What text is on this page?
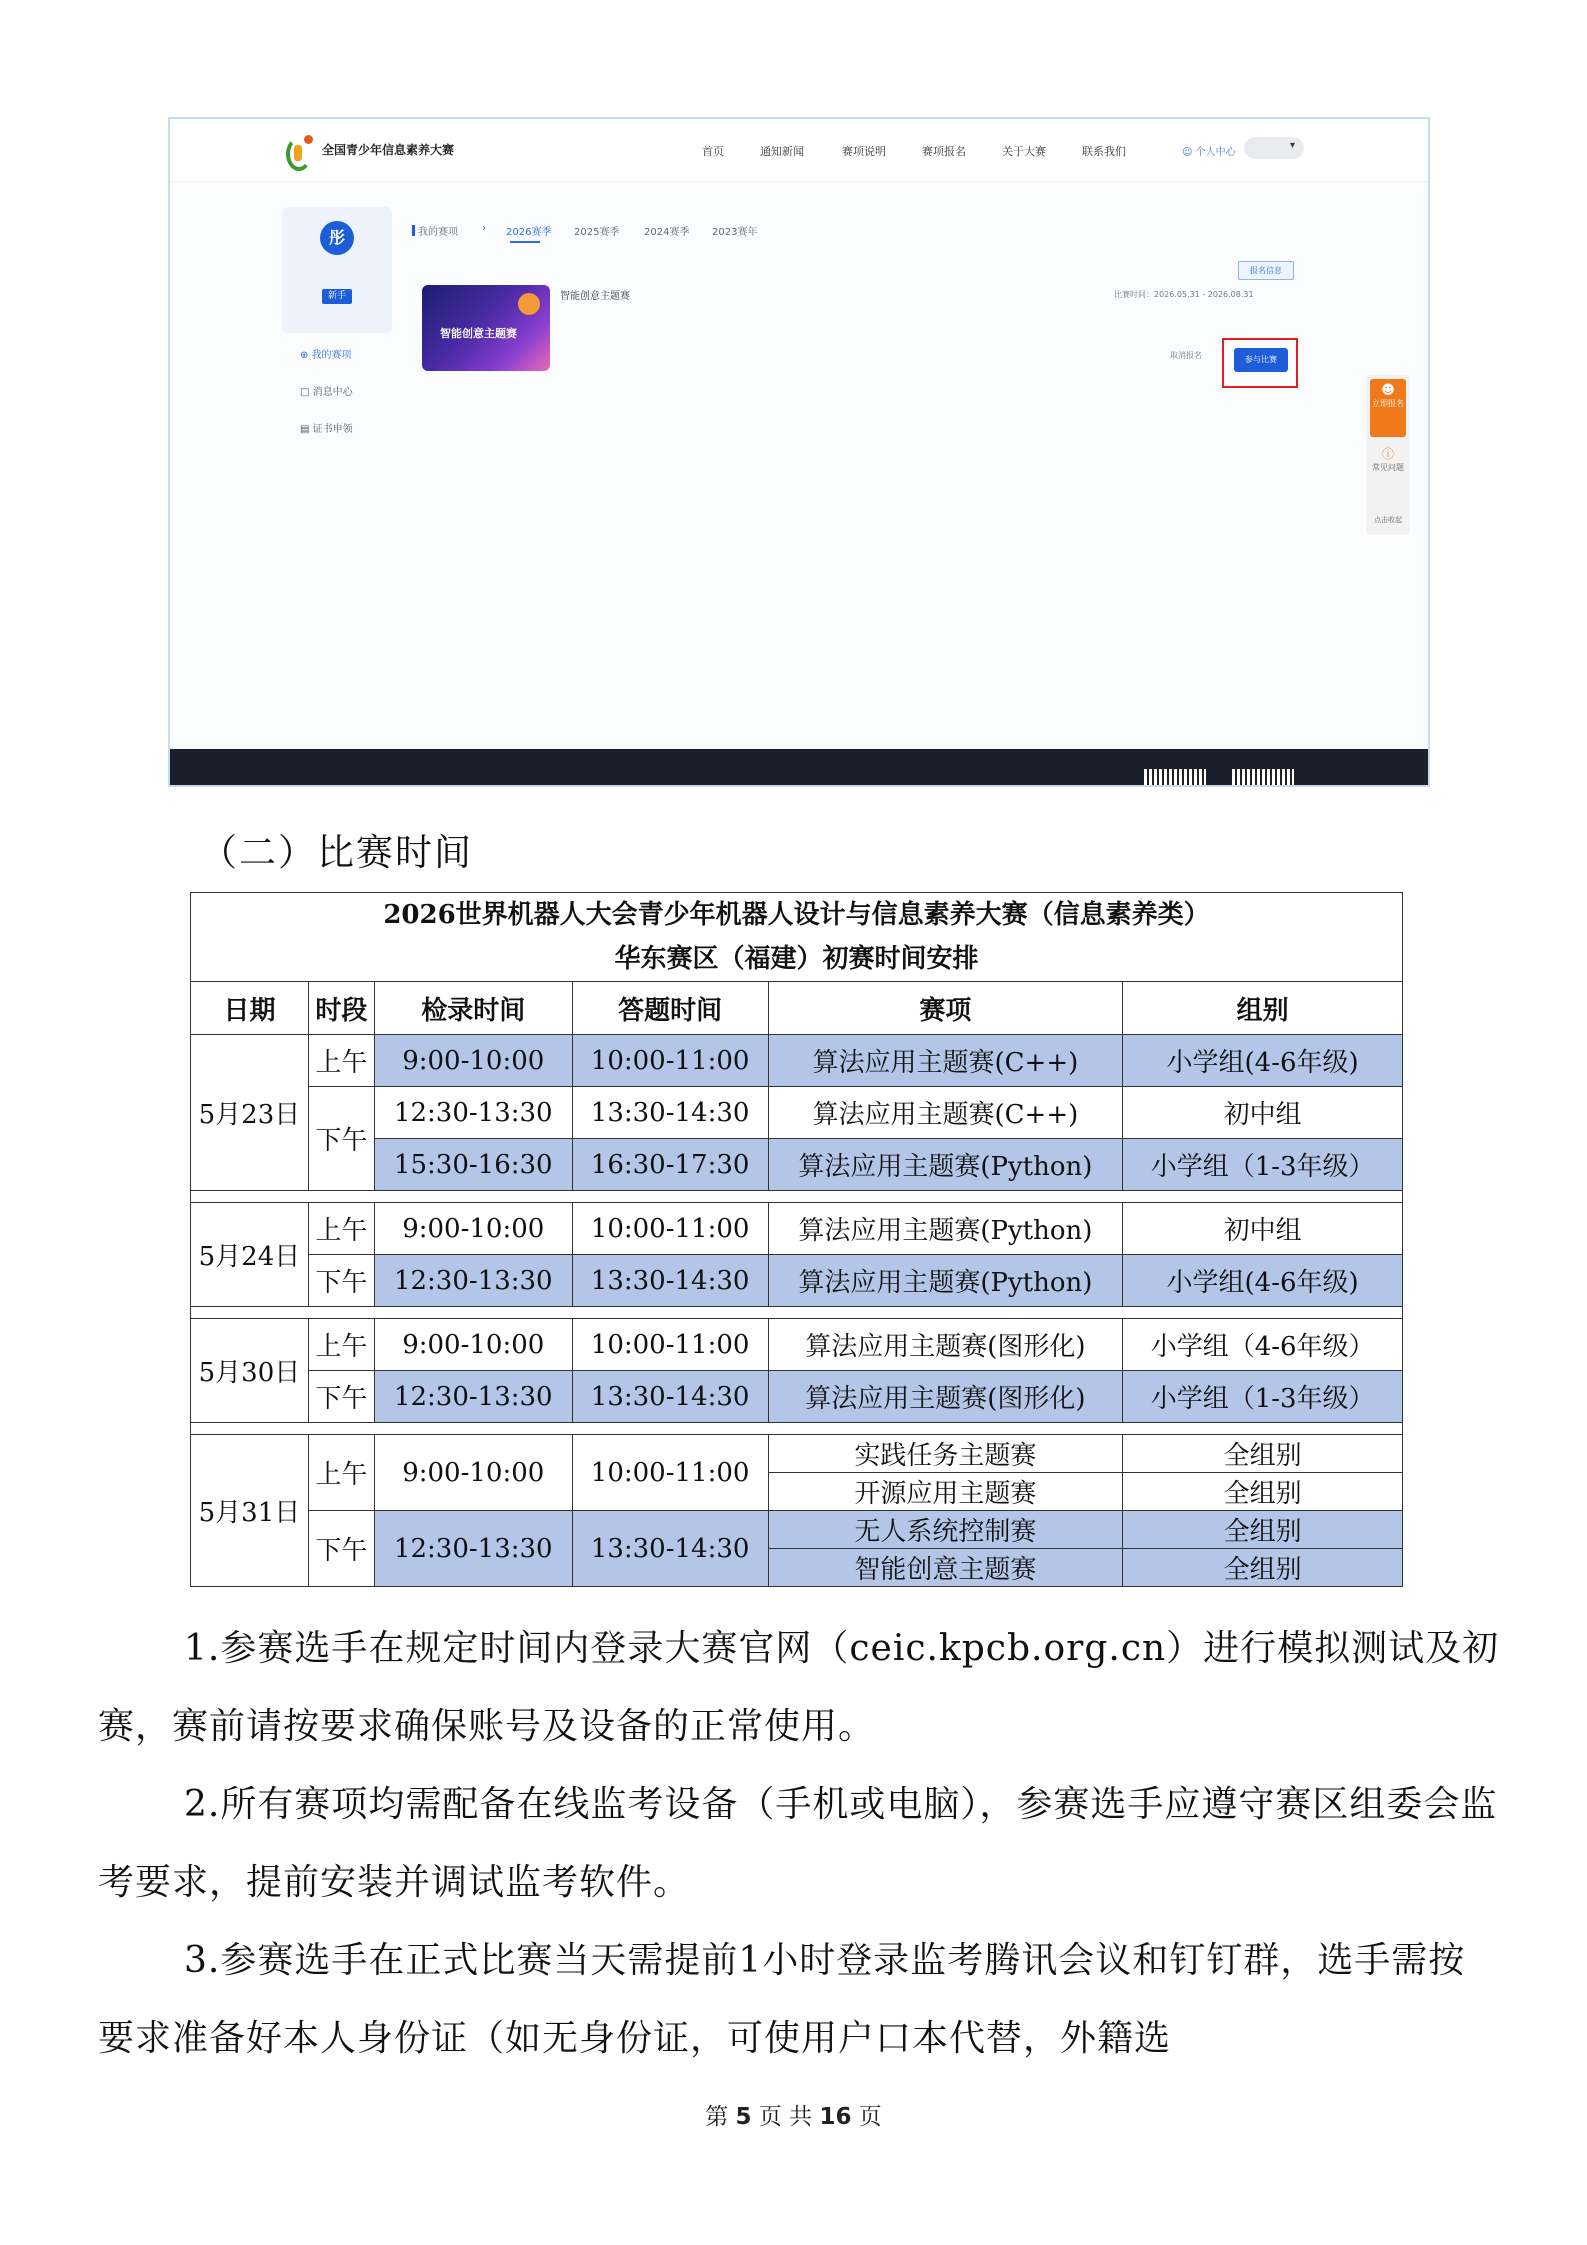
全国青少年信息素养大赛	首页	通知新闻	赛项说明	赛项报名	关于大赛	联系我们	☺ 个人中心
▾
彤
新手
⊕ 我的赛项
□ 消息中心
▤ 证书申领
我的赛项 › 2026赛季 2025赛季 2024赛季 2023赛年
智能创意主题赛
智能创意主题赛
报名信息
比赛时间：2026.05.31 - 2026.08.31
取消报名	参与比赛
☻
立即报名
ⓘ
常见问题
点击收起
（二）比赛时间
2026世界机器人大会青少年机器人设计与信息素养大赛（信息素养类）
华东赛区（福建）初赛时间安排					

日期	时段	检录时间	答题时间	赛项	组别
5月23日	上午	9:00-10:00	10:00-11:00	算法应用主题赛(C++)	小学组(4-6年级)
	下午	12:30-13:30	13:30-14:30	算法应用主题赛(C++)	初中组
		15:30-16:30	16:30-17:30	算法应用主题赛(Python)	小学组（1-3年级）

5月24日	上午	9:00-10:00	10:00-11:00	算法应用主题赛(Python)	初中组
	下午	12:30-13:30	13:30-14:30	算法应用主题赛(Python)	小学组(4-6年级)

5月30日	上午	9:00-10:00	10:00-11:00	算法应用主题赛(图形化)	小学组（4-6年级）
	下午	12:30-13:30	13:30-14:30	算法应用主题赛(图形化)	小学组（1-3年级）

5月31日	上午	9:00-10:00	10:00-11:00	实践任务主题赛	全组别
				开源应用主题赛	全组别
	下午	12:30-13:30	13:30-14:30	无人系统控制赛	全组别
				智能创意主题赛	全组别

1.参赛选手在规定时间内登录大赛官网（ceic.kpcb.org.cn）进行模拟测试及初赛，赛前请按要求确保账号及设备的正常使用。

2.所有赛项均需配备在线监考设备（手机或电脑），参赛选手应遵守赛区组委会监考要求，提前安装并调试监考软件。

3.参赛选手在正式比赛当天需提前1小时登录监考腾讯会议和钉钉群，选手需按要求准备好本人身份证（如无身份证，可使用户口本代替，外籍选

第 5 页 共 16 页
